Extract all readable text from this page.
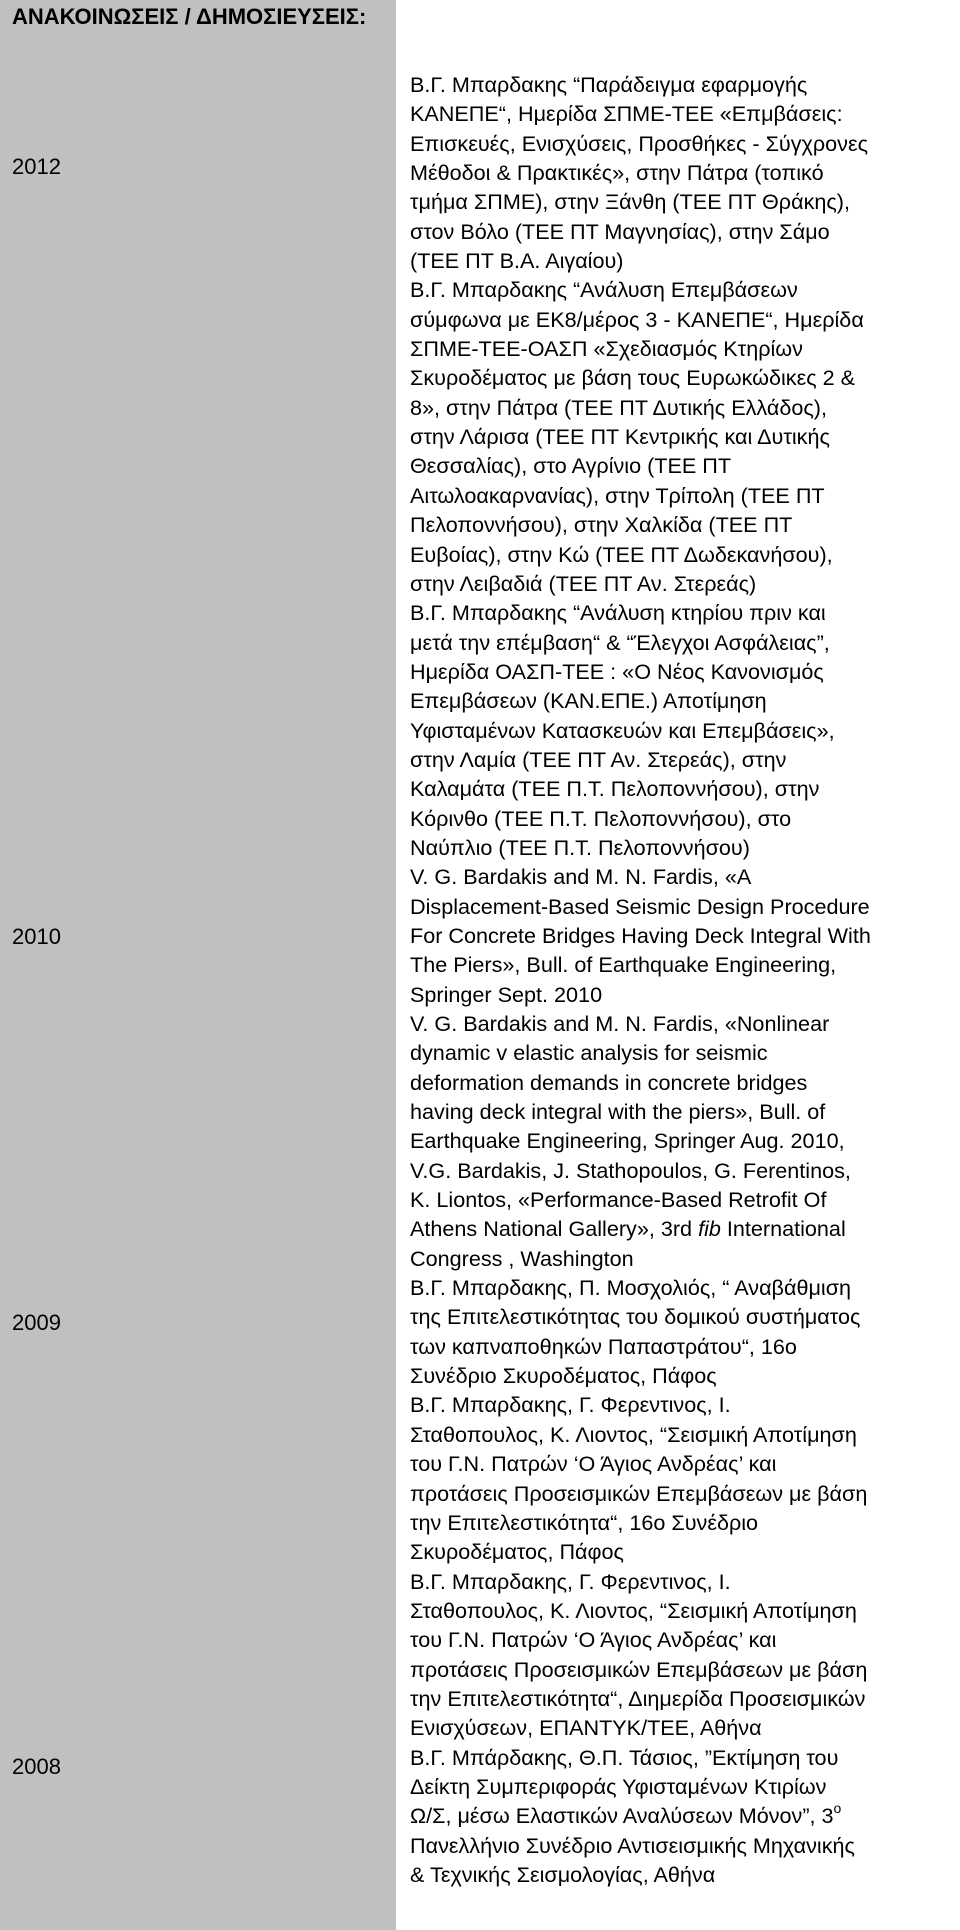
ΑΝΑΚΟΙΝΩΣΕΙΣ / ΔΗΜΟΣΙΕΥΣΕΙΣ:
2012
2010
2009
2008

Β.Γ. Μπαρδακης “Παράδειγμα εφαρμογής
ΚΑΝΕΠΕ“, Ημερίδα ΣΠΜΕ-ΤΕΕ «Επμβάσεις:
Επισκευές, Ενισχύσεις, Προσθήκες - Σύγχρονες
Μέθοδοι & Πρακτικές», στην Πάτρα (τοπικό
τμήμα ΣΠΜΕ), στην Ξάνθη (ΤΕΕ ΠΤ Θράκης),
στον Βόλο (ΤΕΕ ΠΤ Μαγνησίας), στην Σάμο
(ΤΕΕ ΠΤ Β.Α. Αιγαίου)

Β.Γ. Μπαρδακης “Ανάλυση Επεμβάσεων
σύμφωνα με ΕΚ8/μέρος 3 - ΚΑΝΕΠΕ“, Ημερίδα
ΣΠΜΕ-ΤΕΕ-ΟΑΣΠ «Σχεδιασμός Κτηρίων
Σκυροδέματος με βάση τους Ευρωκώδικες 2 &
8», στην Πάτρα (ΤΕΕ ΠΤ Δυτικής Ελλάδος),
στην Λάρισα (ΤΕΕ ΠΤ Κεντρικής και Δυτικής
Θεσσαλίας), στο Αγρίνιο (ΤΕΕ ΠΤ
Αιτωλοακαρνανίας), στην Τρίπολη (ΤΕΕ ΠΤ
Πελοποννήσου), στην Χαλκίδα (ΤΕΕ ΠΤ
Ευβοίας), στην Κώ (ΤΕΕ ΠΤ Δωδεκανήσου),
στην Λειβαδιά (ΤΕΕ ΠΤ Αν. Στερεάς)

Β.Γ. Μπαρδακης “Ανάλυση κτηρίου πριν και
μετά την επέμβαση“ & “Έλεγχοι Ασφάλειας”,
Ημερίδα ΟΑΣΠ-ΤΕΕ : «Ο Νέος Κανονισμός
Επεμβάσεων (ΚΑΝ.ΕΠΕ.) Αποτίμηση
Υφισταμένων Κατασκευών και Επεμβάσεις»,
στην Λαμία (ΤΕΕ ΠΤ Αν. Στερεάς), στην
Καλαμάτα (ΤΕΕ Π.Τ. Πελοποννήσου), στην
Κόρινθο (ΤΕΕ Π.Τ. Πελοποννήσου), στο
Ναύπλιο (ΤΕΕ Π.Τ. Πελοποννήσου)

V. G. Bardakis and M. N. Fardis, «A
Displacement-Based Seismic Design Procedure
For Concrete Bridges Having Deck Integral With
The Piers», Bull. of Earthquake Engineering,
Springer Sept. 2010

V. G. Bardakis and M. N. Fardis, «Nonlinear
dynamic v elastic analysis for seismic
deformation demands in concrete bridges
having deck integral with the piers», Bull. of
Earthquake Engineering, Springer Aug. 2010,

V.G. Bardakis, J. Stathopoulos, G. Ferentinos,
K. Liontos, «Performance-Based Retrofit Of
Athens National Gallery», 3rd fib International
Congress , Washington

Β.Γ. Μπαρδακης, Π. Μοσχολιός, “ Αναβάθμιση
της Επιτελεστικότητας του δομικού συστήματος
των καπναποθηκών Παπαστράτου“, 16ο
Συνέδριο Σκυροδέματος, Πάφος

Β.Γ. Μπαρδακης, Γ. Φερεντινος, Ι.
Σταθοπουλος, Κ. Λιοντος, “Σεισμική Αποτίμηση
του Γ.Ν. Πατρών ‘Ο Άγιος Ανδρέας’ και
προτάσεις Προσεισμικών Επεμβάσεων με βάση
την Επιτελεστικότητα“, 16ο Συνέδριο
Σκυροδέματος, Πάφος

Β.Γ. Μπαρδακης, Γ. Φερεντινος, Ι.
Σταθοπουλος, Κ. Λιοντος, “Σεισμική Αποτίμηση
του Γ.Ν. Πατρών ‘Ο Άγιος Ανδρέας’ και
προτάσεις Προσεισμικών Επεμβάσεων με βάση
την Επιτελεστικότητα“, Διημερίδα Προσεισμικών
Ενισχύσεων, ΕΠΑΝΤΥΚ/ΤΕΕ, Αθήνα

Β.Γ. Μπάρδακης, Θ.Π. Τάσιος, ”Εκτίμηση του
Δείκτη Συμπεριφοράς Υφισταμένων Κτιρίων
Ω/Σ, μέσω Ελαστικών Αναλύσεων Μόνον”, $3^o$
Πανελλήνιο Συνέδριο Αντισεισμικής Μηχανικής
& Τεχνικής Σεισμολογίας, Αθήνα
